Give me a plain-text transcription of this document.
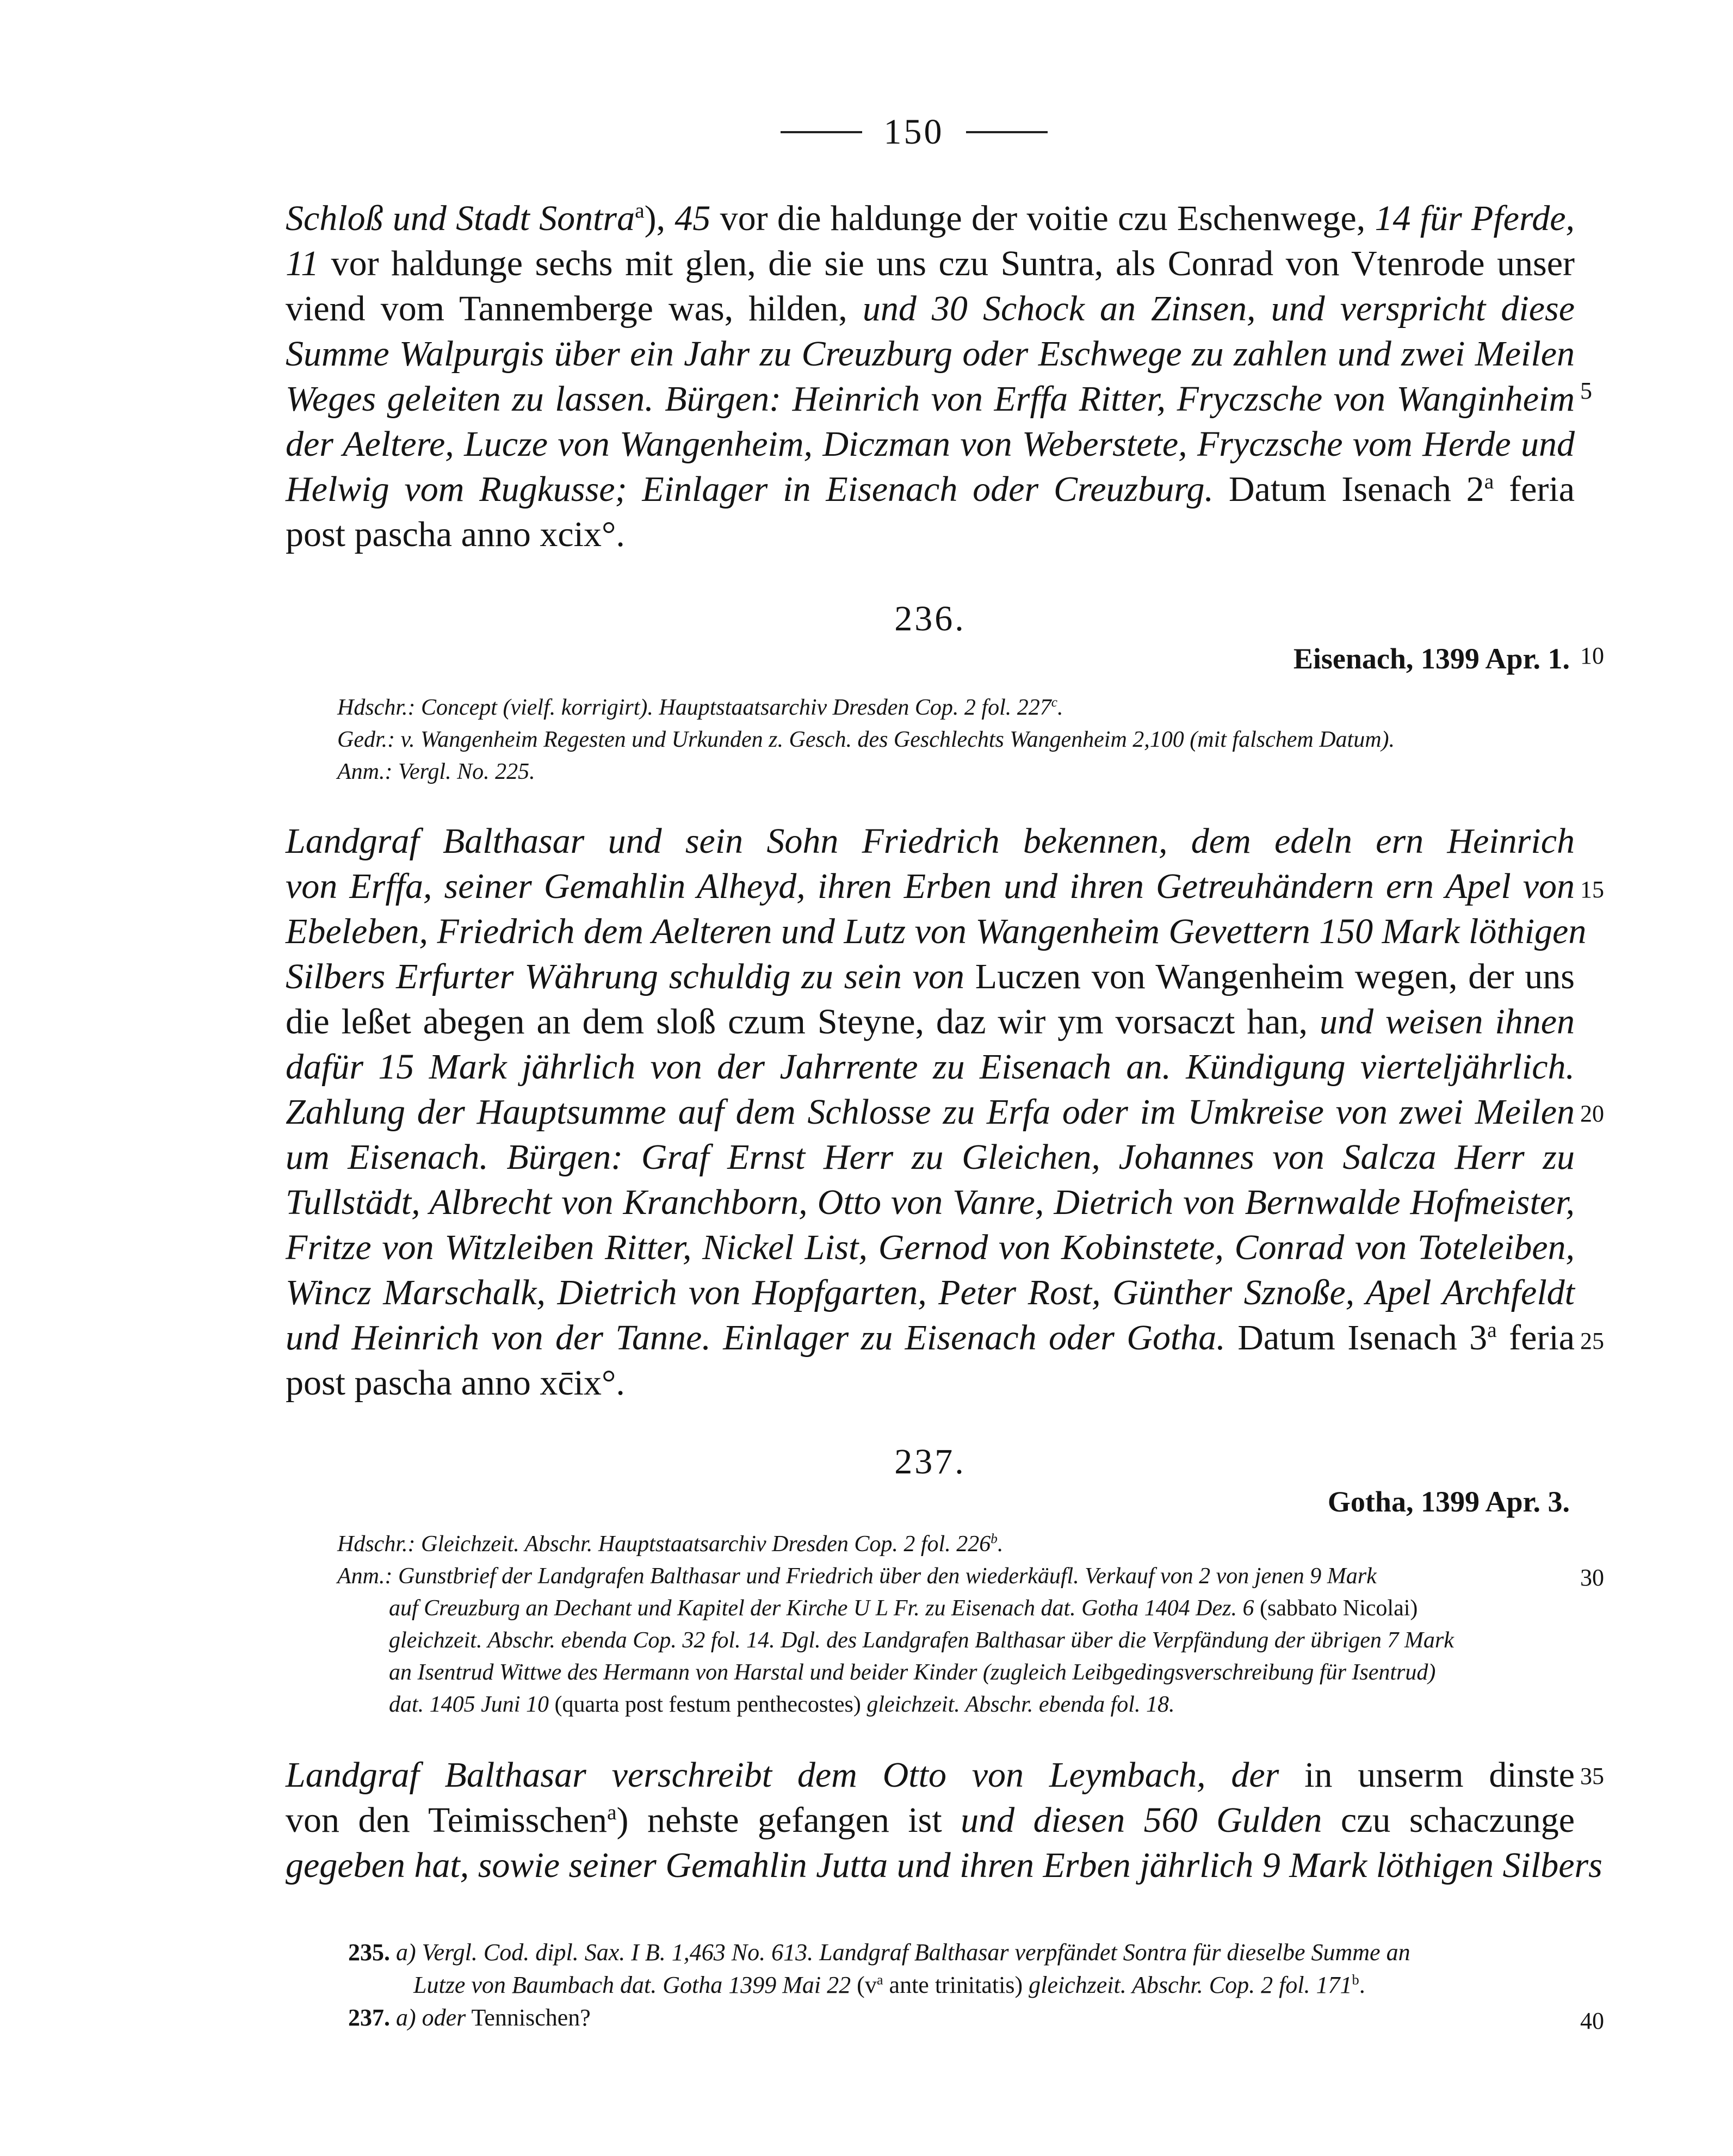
150
Schloß und Stadt Sontra$^a$), 45 vor die haldunge der voitie czu Eschenwege, 14 für Pferde,
11 vor haldunge sechs mit glen, die sie uns czu Suntra, als Conrad von Vtenrode unser
viend vom Tannemberge was, hilden, und 30 Schock an Zinsen, und verspricht diese
Summe Walpurgis über ein Jahr zu Creuzburg oder Eschwege zu zahlen und zwei Meilen
Weges geleiten zu lassen. Bürgen: Heinrich von Erffa Ritter, Fryczsche von Wanginheim
der Aeltere, Lucze von Wangenheim, Diczman von Weberstete, Fryczsche vom Herde und
Helwig vom Rugkusse; Einlager in Eisenach oder Creuzburg. Datum Isenach 2$^a$ feria
post pascha anno xcix°.
236.
Eisenach, 1399 Apr. 1.
Hdschr.: Concept (vielf. korrigirt). Hauptstaatsarchiv Dresden Cop. 2 fol. 227$^c$.
Gedr.: v. Wangenheim Regesten und Urkunden z. Gesch. des Geschlechts Wangenheim 2,100 (mit falschem Datum).
Anm.: Vergl. No. 225.
Landgraf Balthasar und sein Sohn Friedrich bekennen, dem edeln ern Heinrich
von Erffa, seiner Gemahlin Alheyd, ihren Erben und ihren Getreuhändern ern Apel von
Ebeleben, Friedrich dem Aelteren und Lutz von Wangenheim Gevettern 150 Mark löthigen
Silbers Erfurter Währung schuldig zu sein von Luczen von Wangenheim wegen, der uns
die leßet abegen an dem sloß czum Steyne, daz wir ym vorsaczt han, und weisen ihnen
dafür 15 Mark jährlich von der Jahrrente zu Eisenach an. Kündigung vierteljährlich.
Zahlung der Hauptsumme auf dem Schlosse zu Erfa oder im Umkreise von zwei Meilen
um Eisenach. Bürgen: Graf Ernst Herr zu Gleichen, Johannes von Salcza Herr zu
Tullstädt, Albrecht von Kranchborn, Otto von Vanre, Dietrich von Bernwalde Hofmeister,
Fritze von Witzleiben Ritter, Nickel List, Gernod von Kobinstete, Conrad von Toteleiben,
Wincz Marschalk, Dietrich von Hopfgarten, Peter Rost, Günther Sznoße, Apel Archfeldt
und Heinrich von der Tanne. Einlager zu Eisenach oder Gotha. Datum Isenach 3$^a$ feria
post pascha anno xc̄ix°.
237.
Gotha, 1399 Apr. 3.
Hdschr.: Gleichzeit. Abschr. Hauptstaatsarchiv Dresden Cop. 2 fol. 226$^b$.
Anm.: Gunstbrief der Landgrafen Balthasar und Friedrich über den wiederkäufl. Verkauf von 2 von jenen 9 Mark
auf Creuzburg an Dechant und Kapitel der Kirche U L Fr. zu Eisenach dat. Gotha 1404 Dez. 6 (sabbato Nicolai)
gleichzeit. Abschr. ebenda Cop. 32 fol. 14. Dgl. des Landgrafen Balthasar über die Verpfändung der übrigen 7 Mark
an Isentrud Wittwe des Hermann von Harstal und beider Kinder (zugleich Leibgedingsverschreibung für Isentrud)
dat. 1405 Juni 10 (quarta post festum penthecostes) gleichzeit. Abschr. ebenda fol. 18.
Landgraf Balthasar verschreibt dem Otto von Leymbach, der in unserm dinste
von den Teimisschen$^a$) nehste gefangen ist und diesen 560 Gulden czu schaczunge
gegeben hat, sowie seiner Gemahlin Jutta und ihren Erben jährlich 9 Mark löthigen Silbers
235. a) Vergl. Cod. dipl. Sax. I B. 1,463 No. 613. Landgraf Balthasar verpfändet Sontra für dieselbe Summe an
Lutze von Baumbach dat. Gotha 1399 Mai 22 ($v^a$ ante trinitatis) gleichzeit. Abschr. Cop. 2 fol. 171$^b$.
237. a) oder Tennischen?
5
10
15
20
25
30
35
40
